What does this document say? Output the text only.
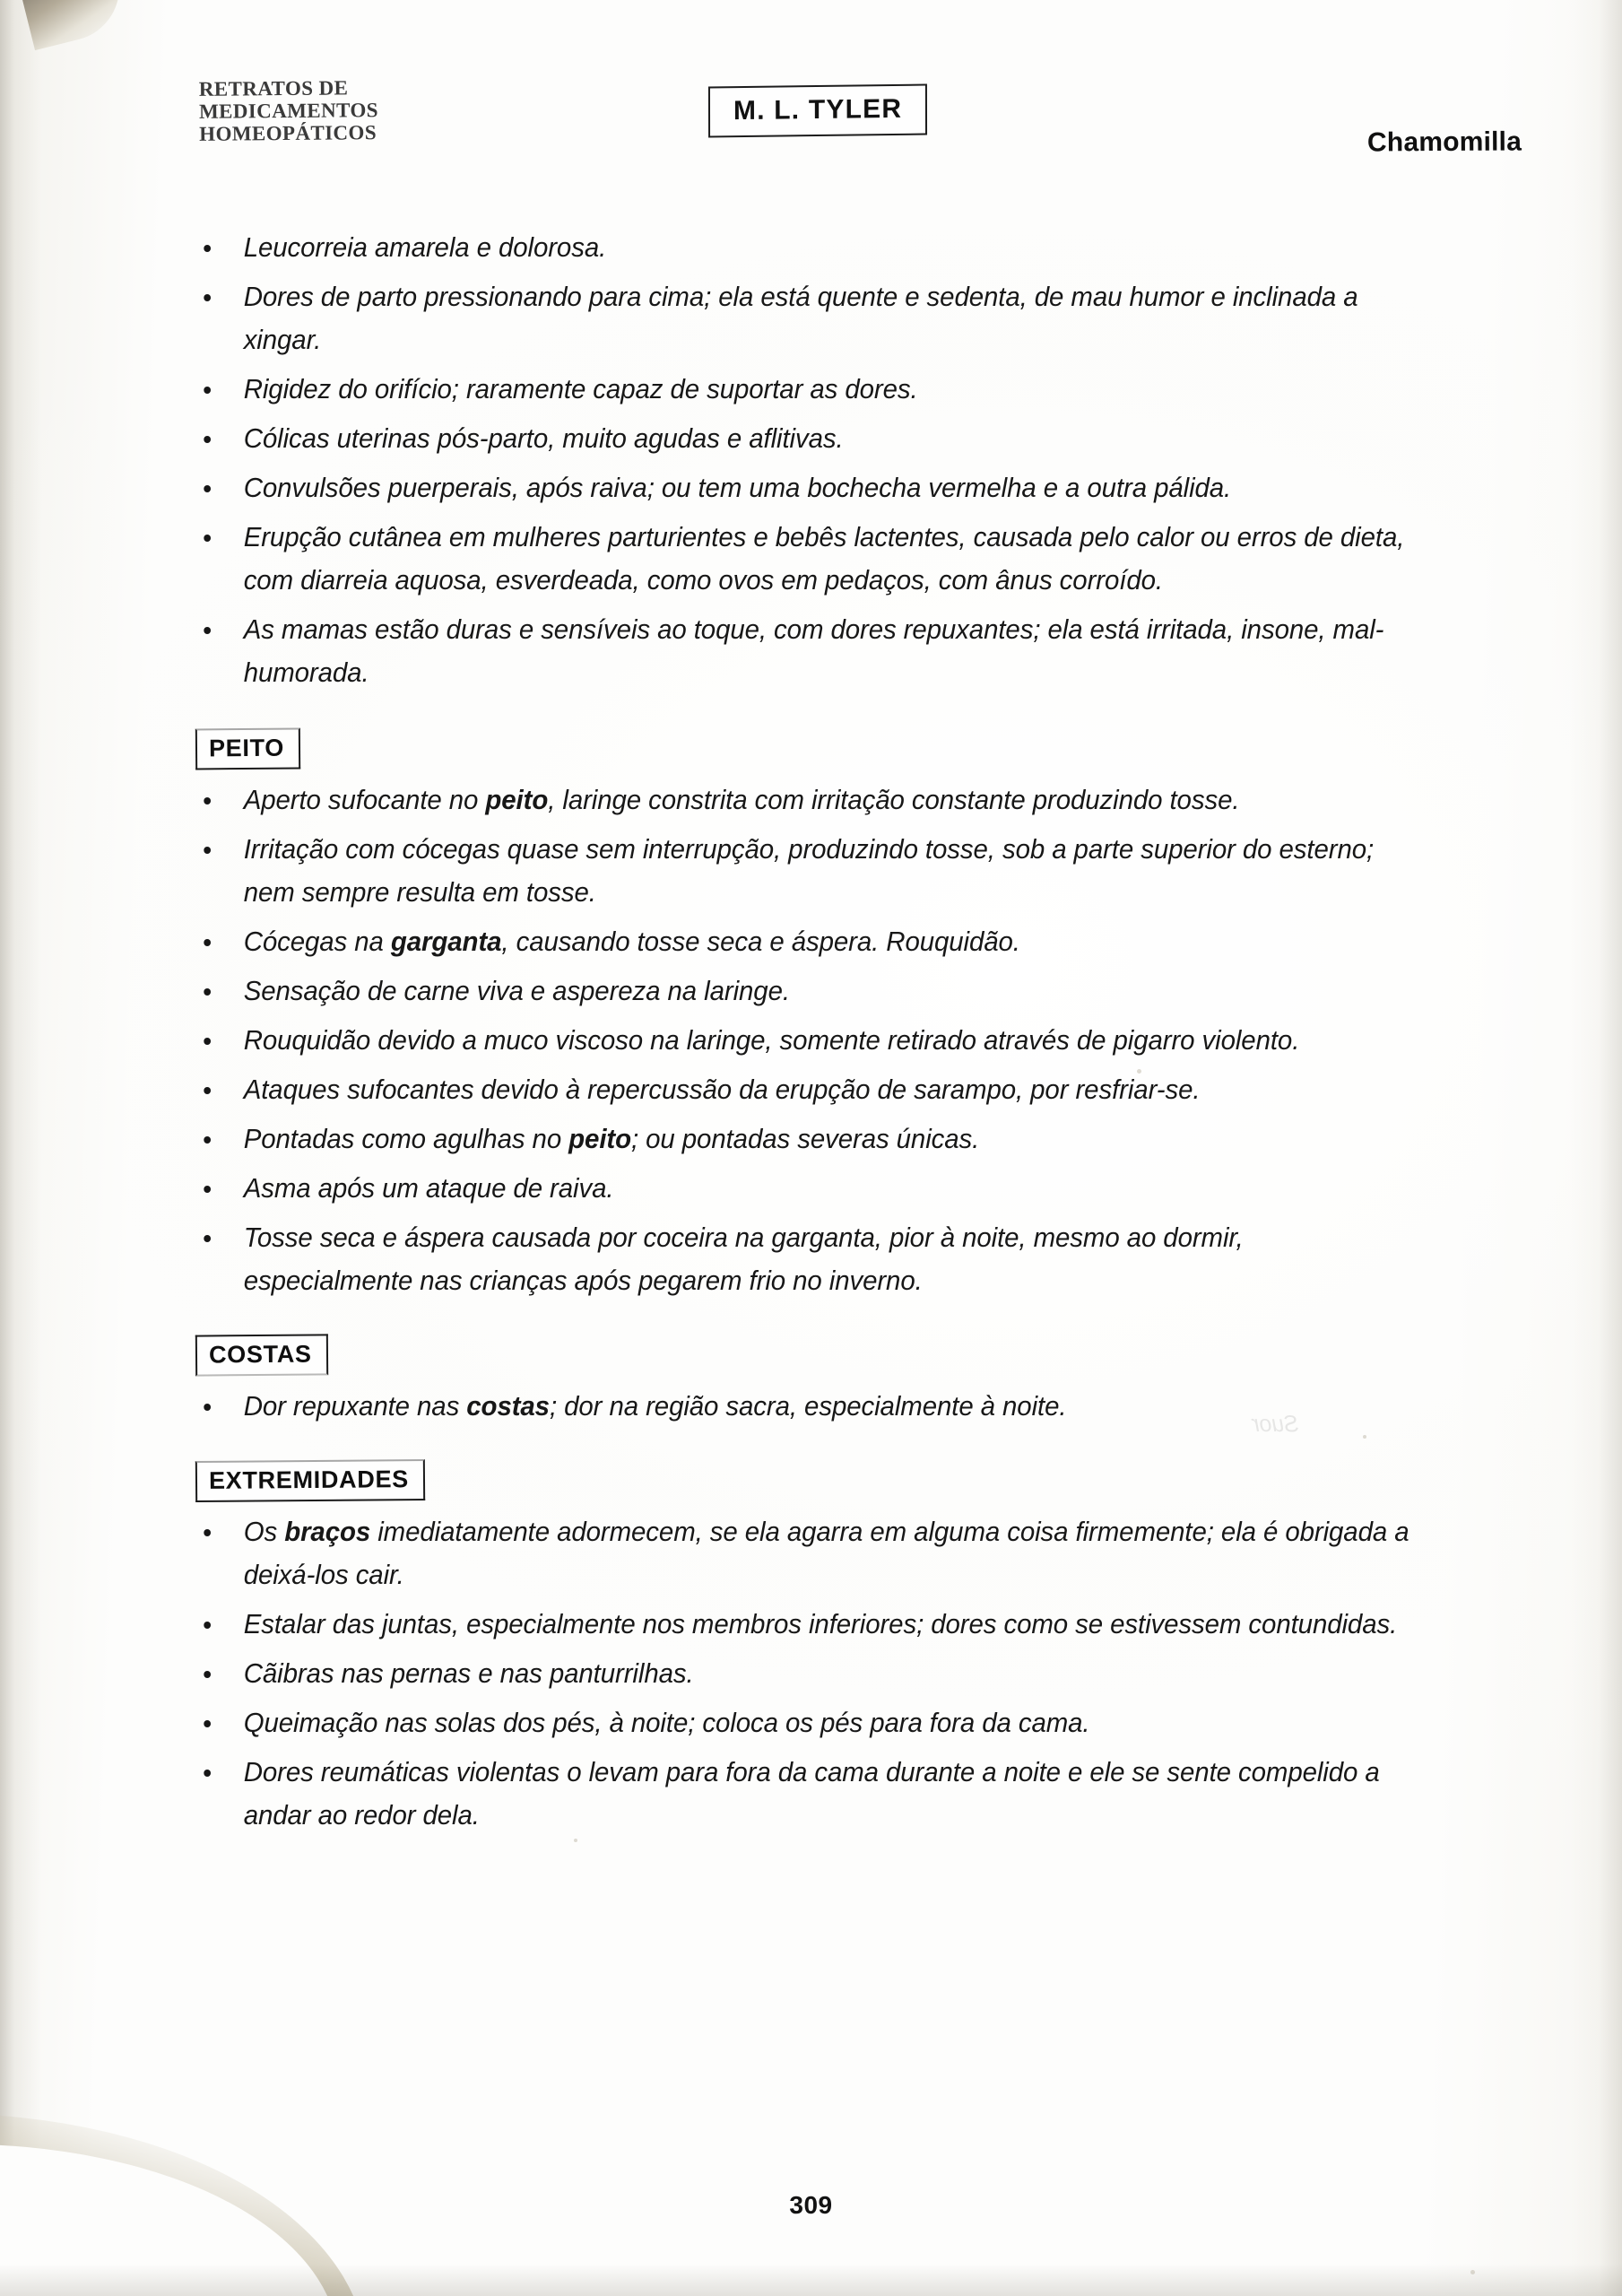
Suor
RETRATOS DE
MEDICAMENTOS
HOMEOPÁTICOS
M. L. TYLER
Chamomilla
Leucorreia amarela e dolorosa.
Dores de parto pressionando para cima; ela está quente e sedenta, de mau humor e inclinada a xingar.
Rigidez do orifício; raramente capaz de suportar as dores.
Cólicas uterinas pós-parto, muito agudas e aflitivas.
Convulsões puerperais, após raiva; ou tem uma bochecha vermelha e a outra pálida.
Erupção cutânea em mulheres parturientes e bebês lactentes, causada pelo calor ou erros de dieta, com diarreia aquosa, esverdeada, como ovos em pedaços, com ânus corroído.
As mamas estão duras e sensíveis ao toque, com dores repuxantes; ela está irritada, insone, mal-humorada.
PEITO
Aperto sufocante no peito, laringe constrita com irritação constante produzindo tosse.
Irritação com cócegas quase sem interrupção, produzindo tosse, sob a parte superior do esterno; nem sempre resulta em tosse.
Cócegas na garganta, causando tosse seca e áspera. Rouquidão.
Sensação de carne viva e aspereza na laringe.
Rouquidão devido a muco viscoso na laringe, somente retirado através de pigarro violento.
Ataques sufocantes devido à repercussão da erupção de sarampo, por resfriar-se.
Pontadas como agulhas no peito; ou pontadas severas únicas.
Asma após um ataque de raiva.
Tosse seca e áspera causada por coceira na garganta, pior à noite, mesmo ao dormir, especialmente nas crianças após pegarem frio no inverno.
COSTAS
Dor repuxante nas costas; dor na região sacra, especialmente à noite.
EXTREMIDADES
Os braços imediatamente adormecem, se ela agarra em alguma coisa firmemente; ela é obrigada a deixá-los cair.
Estalar das juntas, especialmente nos membros inferiores; dores como se estivessem contundidas.
Cãibras nas pernas e nas panturrilhas.
Queimação nas solas dos pés, à noite; coloca os pés para fora da cama.
Dores reumáticas violentas o levam para fora da cama durante a noite e ele se sente compelido a andar ao redor dela.
309
